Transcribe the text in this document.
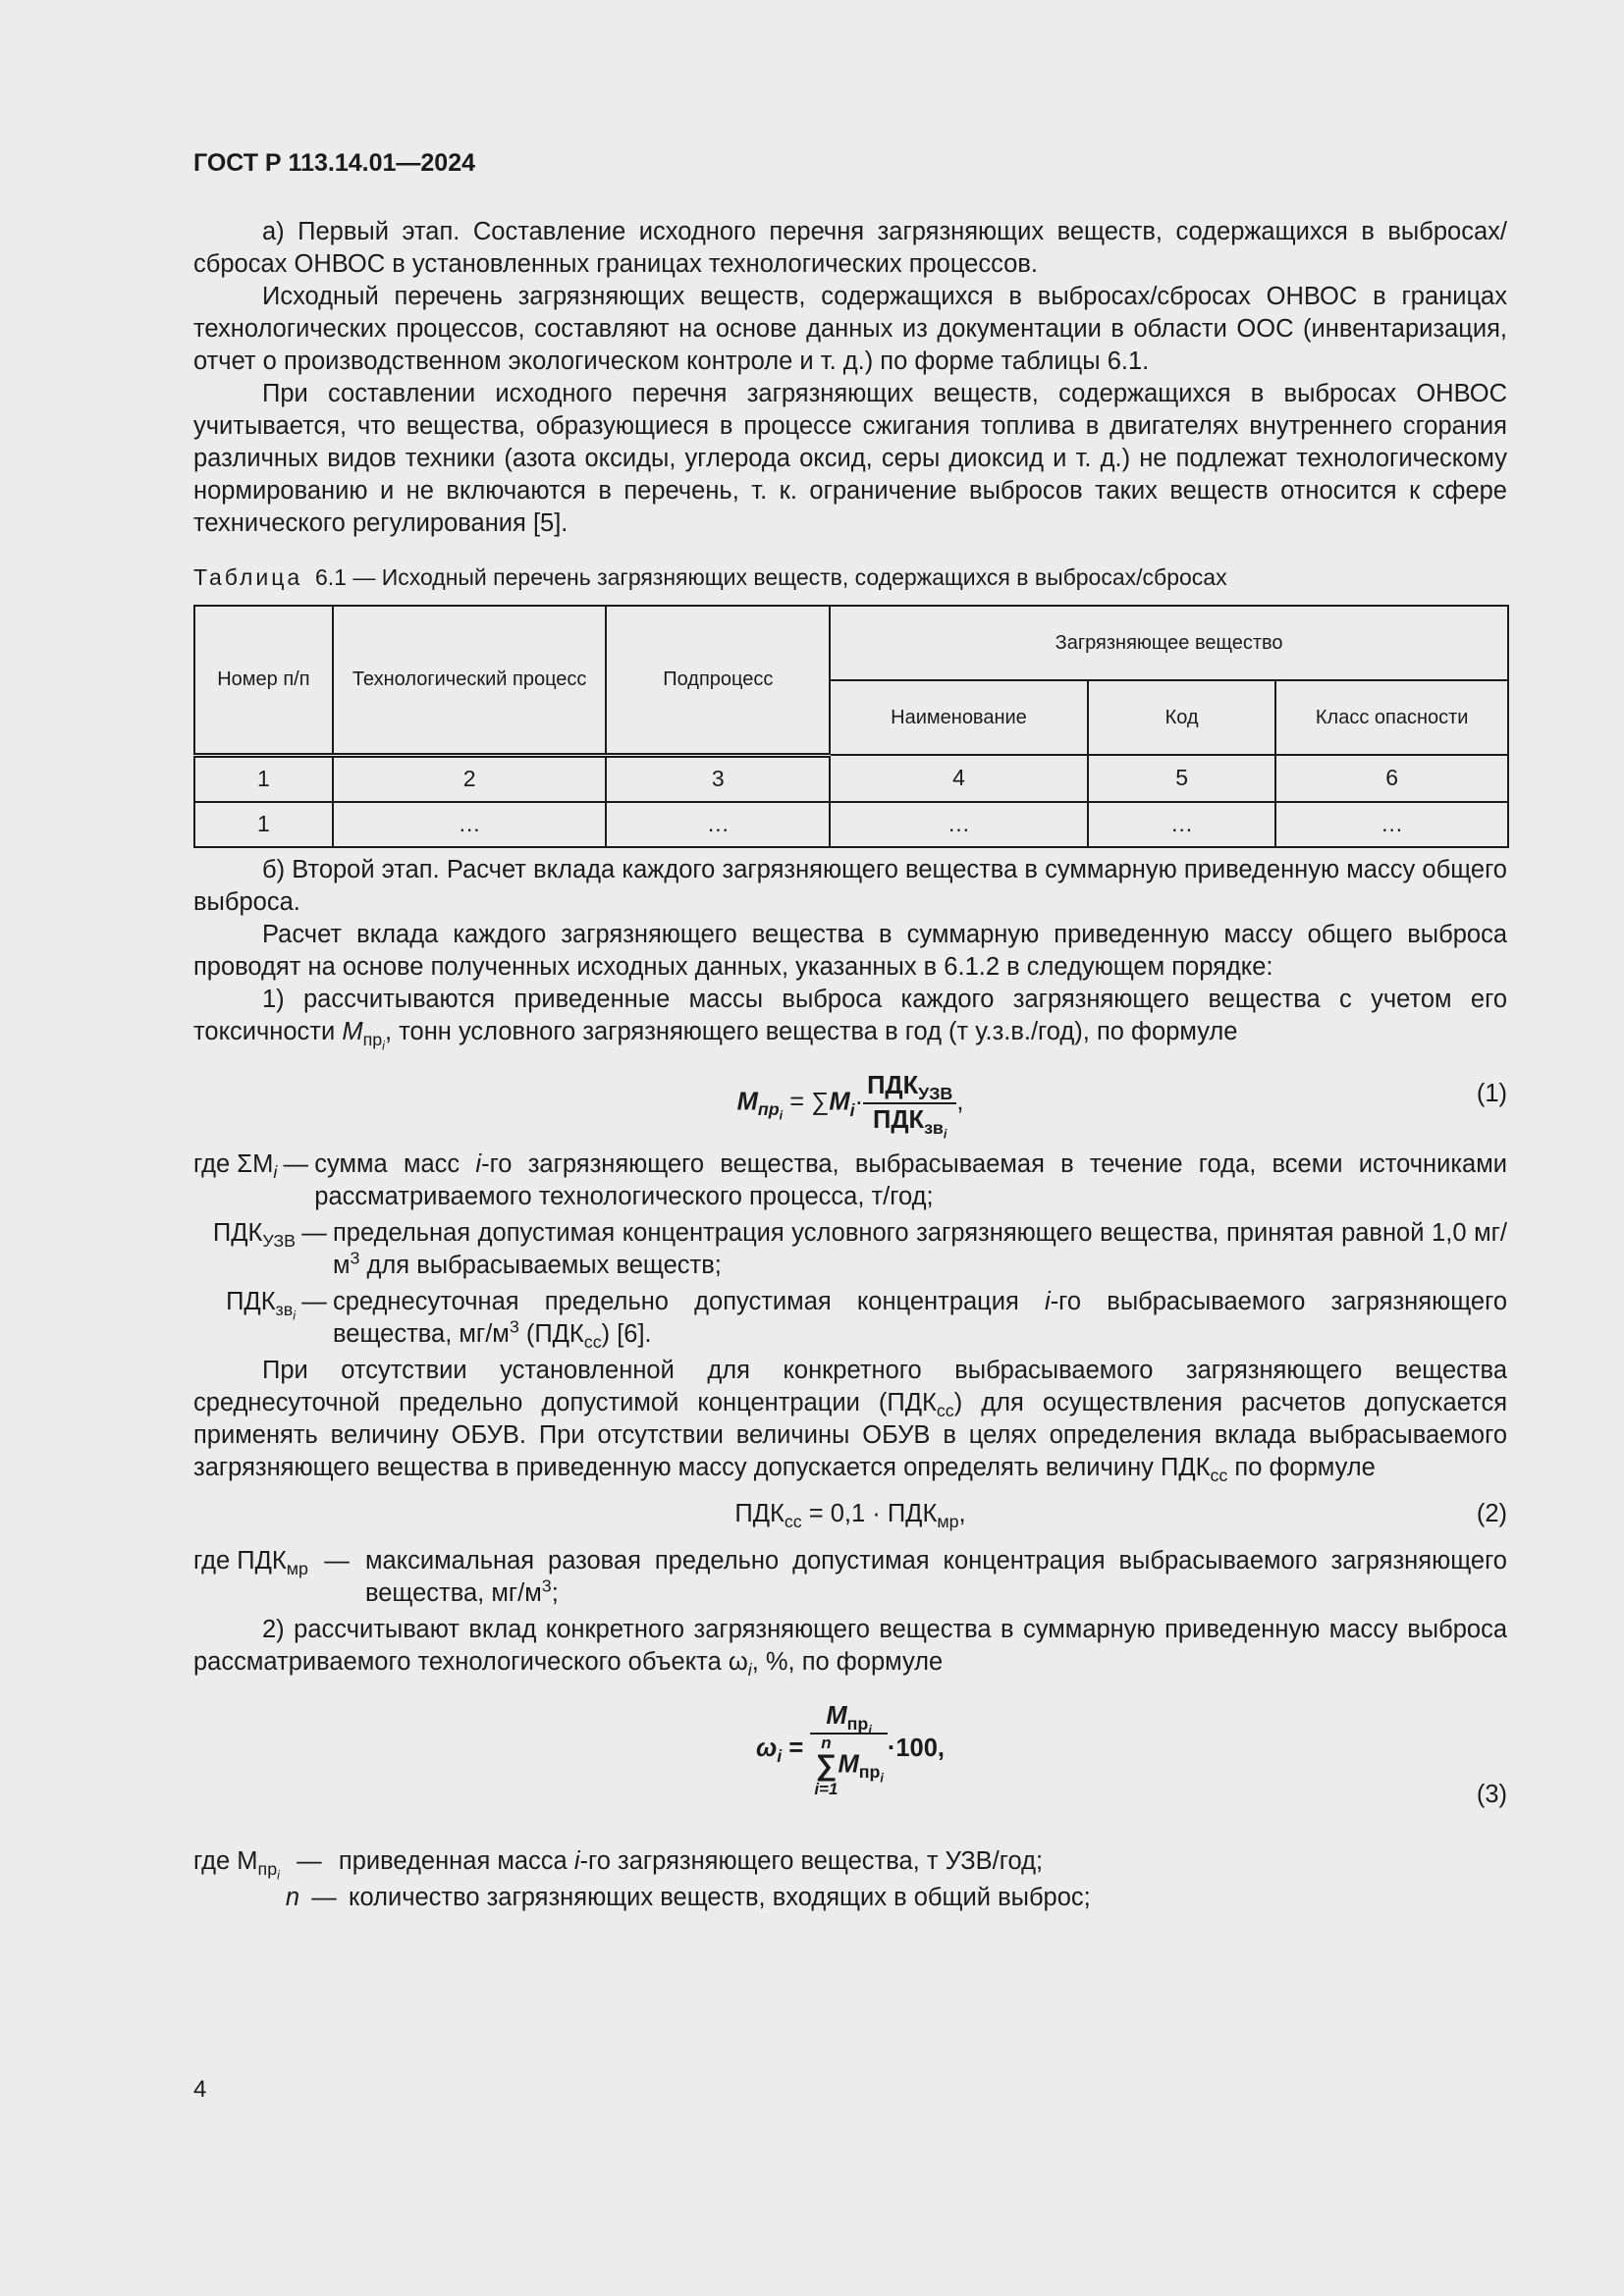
ГОСТ Р 113.14.01—2024

а) Первый этап. Составление исходного перечня загрязняющих веществ, содержащихся в выбросах/сбросах ОНВОС в установленных границах технологических процессов.

Исходный перечень загрязняющих веществ, содержащихся в выбросах/сбросах ОНВОС в границах технологических процессов, составляют на основе данных из документации в области ООС (инвентаризация, отчет о производственном экологическом контроле и т. д.) по форме таблицы 6.1.

При составлении исходного перечня загрязняющих веществ, содержащихся в выбросах ОНВОС учитывается, что вещества, образующиеся в процессе сжигания топлива в двигателях внутреннего сгорания различных видов техники (азота оксиды, углерода оксид, серы диоксид и т. д.) не подлежат технологическому нормированию и не включаются в перечень, т. к. ограничение выбросов таких веществ относится к сфере технического регулирования [5].

Таблица 6.1 — Исходный перечень загрязняющих веществ, содержащихся в выбросах/сбросах
Номер п/п	Технологический процесс	Подпроцесс	Загрязняющее вещество		
			Наименование	Код	Класс опасности
1	2	3	4	5	6
1	…	…	…	…	…

б) Второй этап. Расчет вклада каждого загрязняющего вещества в суммарную приведенную массу общего выброса.

Расчет вклада каждого загрязняющего вещества в суммарную приведенную массу общего выброса проводят на основе полученных исходных данных, указанных в 6.1.2 в следующем порядке:

1) рассчитываются приведенные массы выброса каждого загрязняющего вещества с учетом его токсичности $M_{пр_i}$, тонн условного загрязняющего вещества в год (т у.з.в./год), по формуле

$M_{пр_i} = \sum M_i\cdot \frac{ПДК_{УЗВ}}{ПДК_{зв_i}}$ ,	(1)
где $\Sigma M_i$ — сумма масс i-го загрязняющего вещества, выбрасываемая в течение года, всеми источниками рассматриваемого технологического процесса, т/год;
$ПДК_{УЗВ}$ — предельная допустимая концентрация условного загрязняющего вещества, принятая равной 1,0 $мг/м^3$ для выбрасываемых веществ;
$ПДК_{зв_i}$
— среднесуточная предельно допустимая концентрация i-го выбрасываемого загрязняющего вещества, $мг/м^3$ $(ПДК_{сс})$ [6].

При отсутствии установленной для конкретного выбрасываемого загрязняющего вещества среднесуточной предельно допустимой концентрации $(ПДК_{сс})$ для осуществления расчетов допускается применять величину ОБУВ. При отсутствии величины ОБУВ в целях определения вклада выбрасываемого загрязняющего вещества в приведенную массу допускается определять величину $ПДК_{сс}$ по формуле

$ПДК_{сс} = 0,1 \cdot ПДК_{мр}$,	(2)
где $ПДК_{мр}$ — максимальная разовая предельно допустимая концентрация выбрасываемого загрязняющего вещества, $мг/м^3$;

2) рассчитывают вклад конкретного загрязняющего вещества в суммарную приведенную массу выброса рассматриваемого технологического объекта $\omega_i$, %, по формуле

$\omega_i$ =
$M_{пр_i}$
n
∑
$i=1M_{пр_i}$
·100,
(3)
где $M_{пр_i}$
— приведенная масса i-го загрязняющего вещества, т УЗВ/год;
n — количество загрязняющих веществ, входящих в общий выброс;
4
